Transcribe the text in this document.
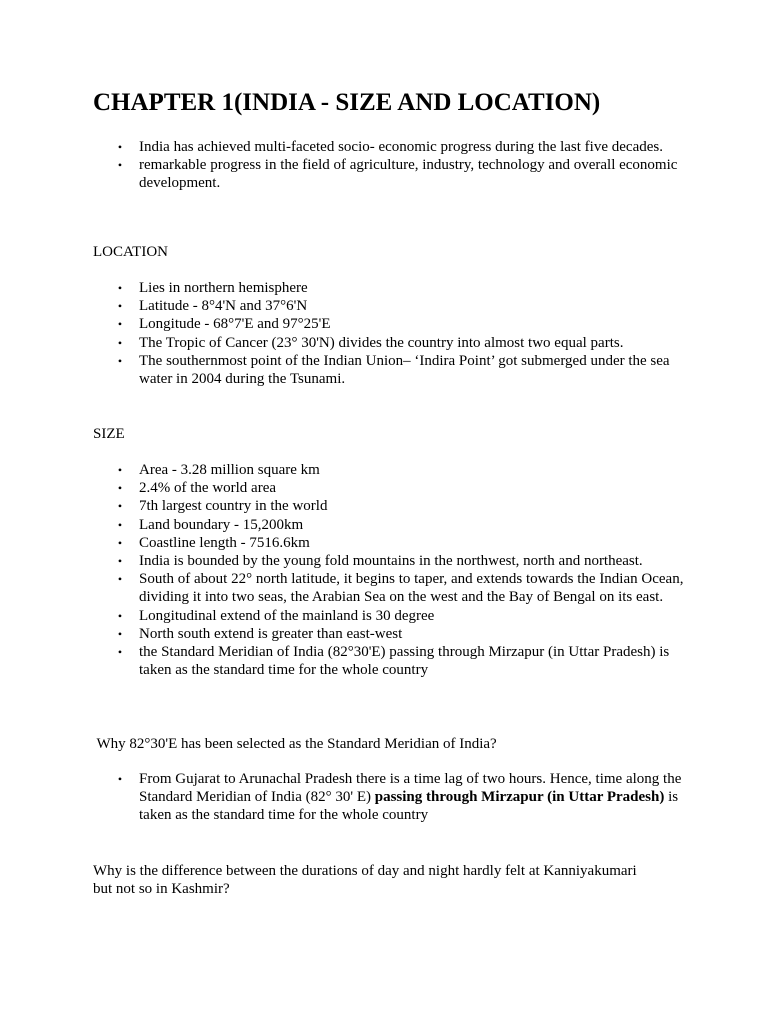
CHAPTER 1(INDIA - SIZE AND LOCATION)
•	India has achieved multi-faceted socio- economic progress during the last five decades.
•	remarkable progress in the field of agriculture, industry, technology and overall economic development.
LOCATION
•	Lies in northern hemisphere
•	Latitude - 8°4'N and 37°6'N
•	Longitude - 68°7'E and 97°25'E
•	The Tropic of Cancer (23° 30'N) divides the country into almost two equal parts.
•	The southernmost point of the Indian Union– ‘Indira Point’ got submerged under the sea water in 2004 during the Tsunami.
SIZE
•	Area - 3.28 million square km
•	2.4% of the world area
•	7th largest country in the world
•	Land boundary - 15,200km
•	Coastline length - 7516.6km
•	India is bounded by the young fold mountains in the northwest, north and northeast.
•	South of about 22° north latitude, it begins to taper, and extends towards the Indian Ocean, dividing it into two seas, the Arabian Sea on the west and the Bay of Bengal on its east.
•	Longitudinal extend of the mainland is 30 degree
•	North south extend is greater than east-west
•	the Standard Meridian of India (82°30'E) passing through Mirzapur (in Uttar Pradesh) is taken as the standard time for the whole country
Why 82°30'E has been selected as the Standard Meridian of India?
•	From Gujarat to Arunachal Pradesh there is a time lag of two hours. Hence, time along the Standard Meridian of India (82° 30' E) passing through Mirzapur (in Uttar Pradesh) is taken as the standard time for the whole country
Why is the difference between the durations of day and night hardly felt at Kanniyakumari but not so in Kashmir?
